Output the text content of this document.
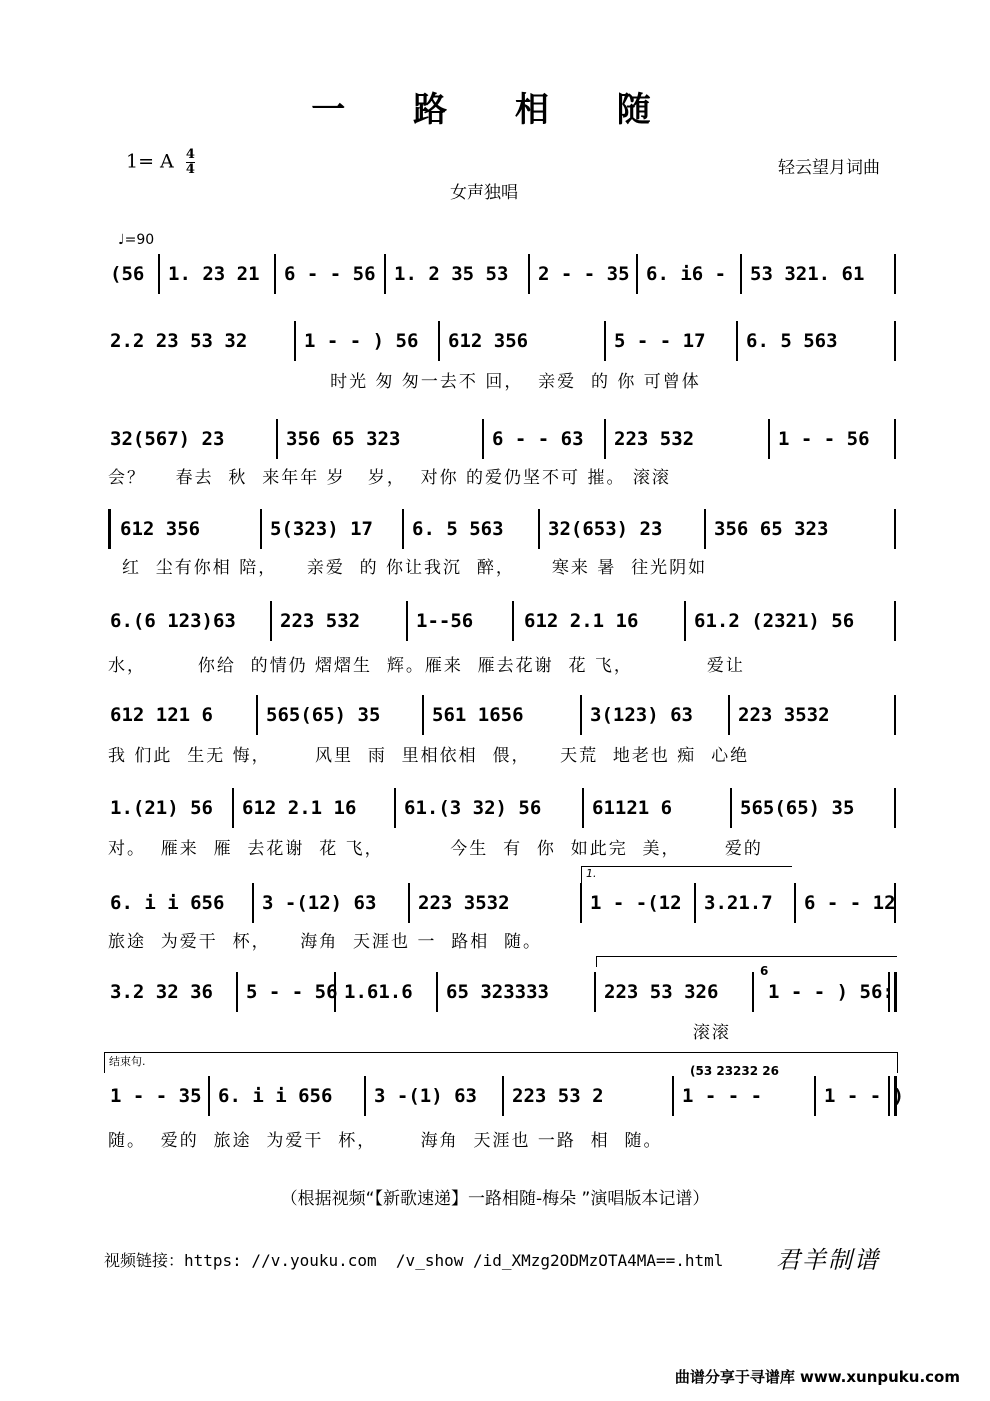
一 路 相 随
1= A $\frac{4}{4}$	轻云望月词曲
女声独唱
♩=90
(56 1. 23 21 6 - - 56 1. 2 35 53 2 - - 35 6. i6 - 53 321. 61
2.2 23 53 32	1 - - ) 56 612 356	5 - - 17 6. 5 563
时光 匆 匆一去不 回，  亲爱  的 你 可曾体
32(567) 23	356 65 323	6 - - 63 223 532	1 - - 56
会？    春去  秋  来年年 岁   岁，  对你 的爱仍坚不可 摧。 滚滚
612 356	5(323) 17 6. 5 563 32(653) 23	356 65 323
红  尘有你相 陪，    亲爱  的 你让我沉  醉，     寒来 暑  往光阴如
6.(6 123)63 223 532	1--56	612 2.1 16	61.2 (2321) 56
水，       你给  的情仍 熠熠生  辉。雁来  雁去花谢  花 飞，          爱让
612 121 6	565(65) 35	561 1656	3(123) 63 223 3532
我 们此  生无 悔，      风里  雨  里相依相  偎，    天荒  地老也 痴  心绝
1.(21) 56 612 2.1 16	61.(3 32) 56	61121 6	565(65) 35
对。  雁来  雁  去花谢  花 飞，         今生  有  你  如此完  美，      爱的
1.
6. i i 656 3 -(12) 63 223 3532	1 - -(12 3.21.7 6 - - 12
旅途  为爱干  杯，    海角  天涯也 一  路相  随。
3.2 32 36 5 - - 56 1.61.6 65 323333	223 53 326
6
1 - - ) 56:
滚滚
结束句.
1 - - 35 6. i i 656 3 -(1) 63 223 53 2
(53 23232 26
1 - - -	1 - - )
随。  爱的  旅途  为爱干  杯，      海角  天涯也 一路  相  随。
（根据视频“【新歌速递】一路相随-梅朵 ”演唱版本记谱）
视频链接：https: //v.youku.com  /v_show /id_XMzg2ODMzOTA4MA==.html 君羊制谱
曲谱分享于寻谱库 www.xunpuku.com
